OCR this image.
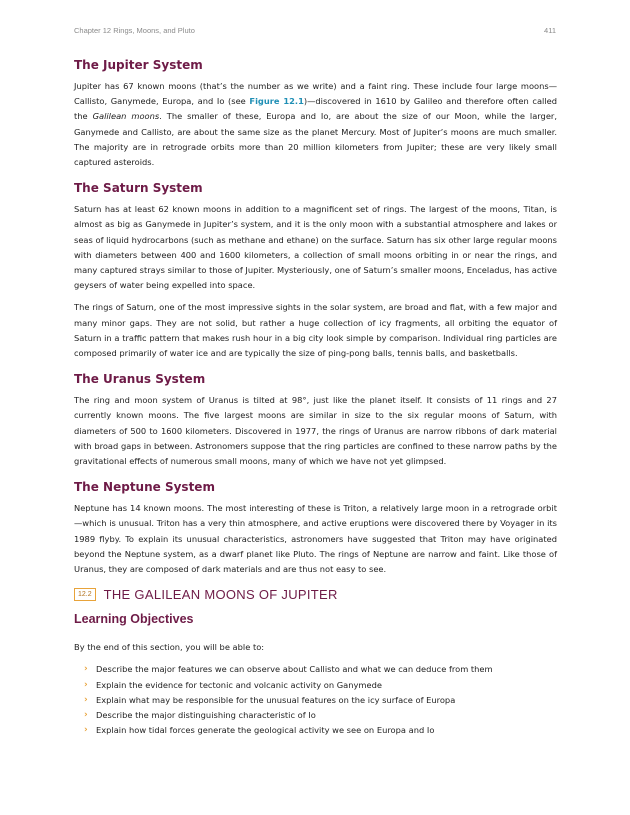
Chapter 12 Rings, Moons, and Pluto	411
The Jupiter System

Jupiter has 67 known moons (that’s the number as we write) and a faint ring. These include four large moons—Callisto, Ganymede, Europa, and Io (see Figure 12.1)—discovered in 1610 by Galileo and therefore often called the Galilean moons. The smaller of these, Europa and Io, are about the size of our Moon, while the larger, Ganymede and Callisto, are about the same size as the planet Mercury. Most of Jupiter’s moons are much smaller. The majority are in retrograde orbits more than 20 million kilometers from Jupiter; these are very likely small captured asteroids.

The Saturn System

Saturn has at least 62 known moons in addition to a magnificent set of rings. The largest of the moons, Titan, is almost as big as Ganymede in Jupiter’s system, and it is the only moon with a substantial atmosphere and lakes or seas of liquid hydrocarbons (such as methane and ethane) on the surface. Saturn has six other large regular moons with diameters between 400 and 1600 kilometers, a collection of small moons orbiting in or near the rings, and many captured strays similar to those of Jupiter. Mysteriously, one of Saturn’s smaller moons, Enceladus, has active geysers of water being expelled into space.

The rings of Saturn, one of the most impressive sights in the solar system, are broad and flat, with a few major and many minor gaps. They are not solid, but rather a huge collection of icy fragments, all orbiting the equator of Saturn in a traffic pattern that makes rush hour in a big city look simple by comparison. Individual ring particles are composed primarily of water ice and are typically the size of ping-pong balls, tennis balls, and basketballs.

The Uranus System

The ring and moon system of Uranus is tilted at 98°, just like the planet itself. It consists of 11 rings and 27 currently known moons. The five largest moons are similar in size to the six regular moons of Saturn, with diameters of 500 to 1600 kilometers. Discovered in 1977, the rings of Uranus are narrow ribbons of dark material with broad gaps in between. Astronomers suppose that the ring particles are confined to these narrow paths by the gravitational effects of numerous small moons, many of which we have not yet glimpsed.

The Neptune System

Neptune has 14 known moons. The most interesting of these is Triton, a relatively large moon in a retrograde orbit—which is unusual. Triton has a very thin atmosphere, and active eruptions were discovered there by Voyager in its 1989 flyby. To explain its unusual characteristics, astronomers have suggested that Triton may have originated beyond the Neptune system, as a dwarf planet like Pluto. The rings of Neptune are narrow and faint. Like those of Uranus, they are composed of dark materials and are thus not easy to see.

12.2 THE GALILEAN MOONS OF JUPITER
Learning Objectives

By the end of this section, you will be able to:

› Describe the major features we can observe about Callisto and what we can deduce from them
› Explain the evidence for tectonic and volcanic activity on Ganymede
› Explain what may be responsible for the unusual features on the icy surface of Europa
› Describe the major distinguishing characteristic of Io
› Explain how tidal forces generate the geological activity we see on Europa and Io
